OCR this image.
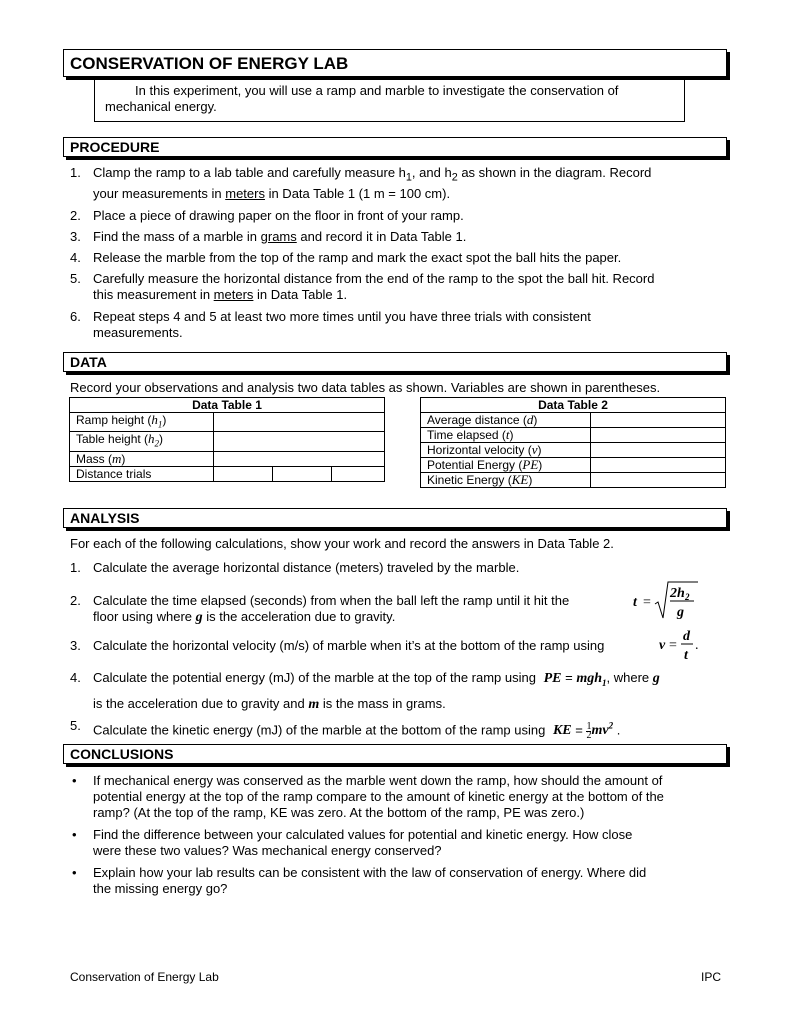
CONSERVATION OF ENERGY LAB
In this experiment, you will use a ramp and marble to investigate the conservation of
mechanical energy.
PROCEDURE
1. Clamp the ramp to a lab table and carefully measure $h_1$, and $h_2$ as shown in the diagram. Record
your measurements in meters in Data Table 1 (1 m = 100 cm).
2. Place a piece of drawing paper on the floor in front of your ramp.
3. Find the mass of a marble in grams and record it in Data Table 1.
4. Release the marble from the top of the ramp and mark the exact spot the ball hits the paper.
5. Carefully measure the horizontal distance from the end of the ramp to the spot the ball hit. Record
this measurement in meters in Data Table 1.
6. Repeat steps 4 and 5 at least two more times until you have three trials with consistent
measurements.
DATA
Record your observations and analysis two data tables as shown. Variables are shown in parentheses.
Data Table 1			
Ramp height $(h_1)$			
Table height $(h_2)$			
Mass (m)			
Distance trials			
Data Table 2	
Average distance (d)	
Time elapsed (t)	
Horizontal velocity (v)	
Potential Energy (PE)	
Kinetic Energy (KE)	
ANALYSIS
For each of the following calculations, show your work and record the answers in Data Table 2.
1. Calculate the average horizontal distance (meters) traveled by the marble.
2. Calculate the time elapsed (seconds) from when the ball left the ramp until it hit the
floor using where g is the acceleration due to gravity.
3. Calculate the horizontal velocity (m/s) of marble when it’s at the bottom of the ramp using
4. Calculate the potential energy (mJ) of the marble at the top of the ramp using PE = mgh$_1$, where g
is the acceleration due to gravity and m is the mass in grams.
5. Calculate the kinetic energy (mJ) of the marble at the bottom of the ramp using KE = $\frac{1}{2} mv^2$ .
t =
2h 2
g
v =
d
t
.
CONCLUSIONS
• If mechanical energy was conserved as the marble went down the ramp, how should the amount of
potential energy at the top of the ramp compare to the amount of kinetic energy at the bottom of the
ramp? (At the top of the ramp, KE was zero. At the bottom of the ramp, PE was zero.)
• Find the difference between your calculated values for potential and kinetic energy. How close
were these two values? Was mechanical energy conserved?
• Explain how your lab results can be consistent with the law of conservation of energy. Where did
the missing energy go?
Conservation of Energy Lab	IPC
